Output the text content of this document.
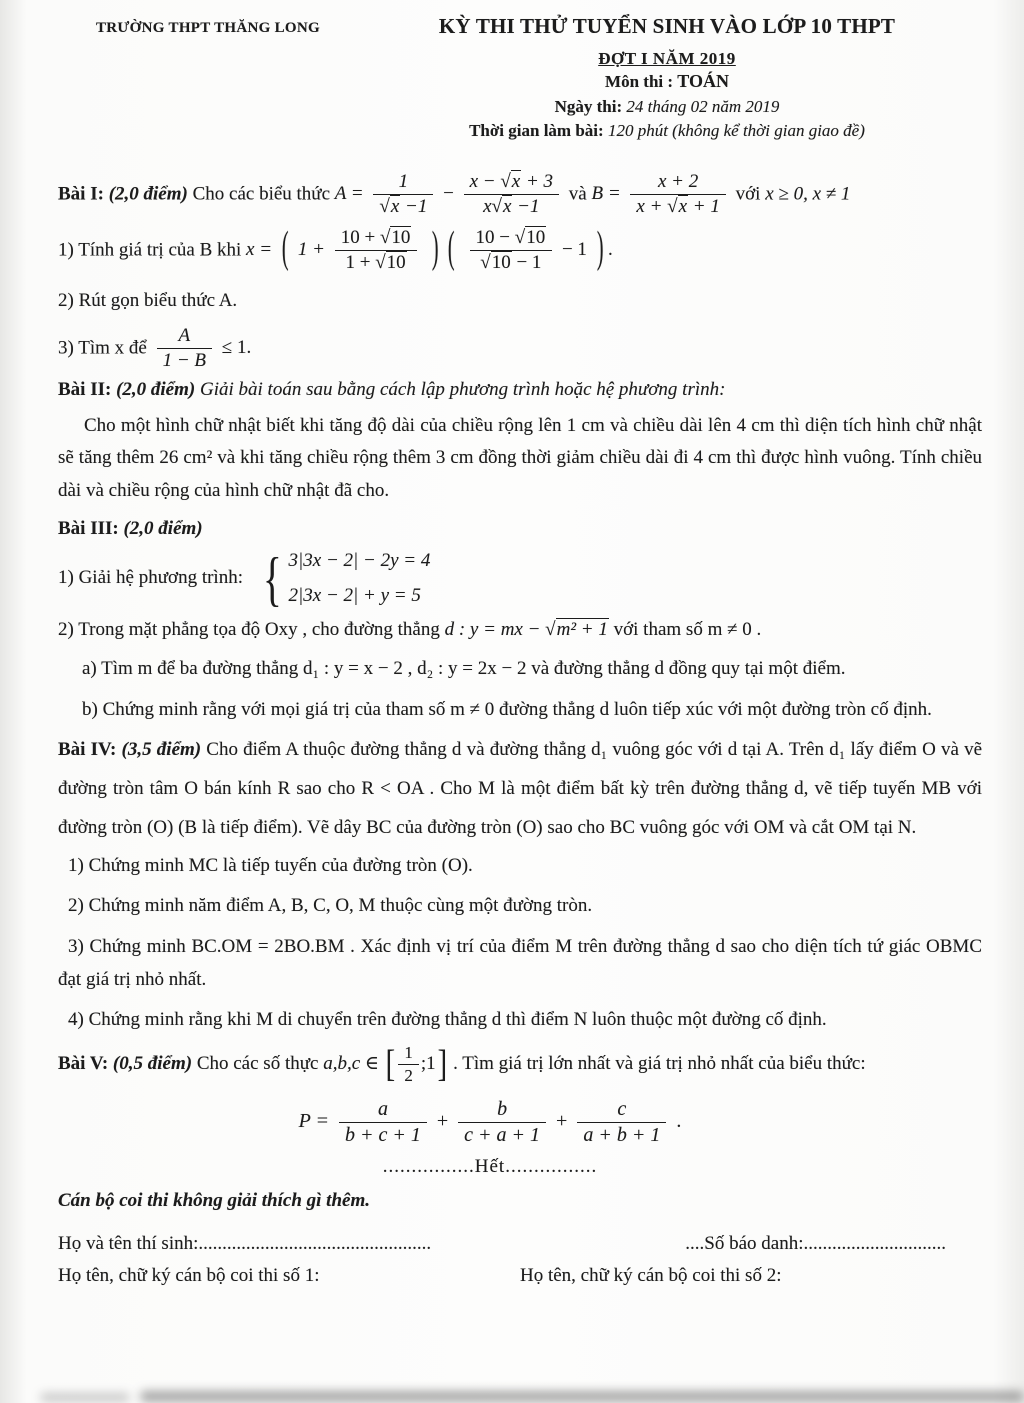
TRƯỜNG THPT THĂNG LONG	KỲ THI THỬ TUYỂN SINH VÀO LỚP 10 THPT
ĐỢT I NĂM 2019
Môn thi : TOÁN
Ngày thi: 24 tháng 02 năm 2019
Thời gian làm bài: 120 phút (không kể thời gian giao đề)

Bài I: (2,0 điểm) Cho các biểu thức $A = \frac{1}{√x -1} - \frac{x - √x + 3}{x√x -1}$ và $B = \frac{x + 2}{x + √x + 1}$ với x ≥ 0, x ≠ 1

1) Tính giá trị của B khi x = ( $1 + \frac{10 + √10}{1 + √10}$ ) ( $\frac{10 - √10}{√10 - 1} - 1$ ) .

2) Rút gọn biểu thức A.

3) Tìm x để $\frac{A}{1 - B} \le 1$.

Bài II: (2,0 điểm) Giải bài toán sau bằng cách lập phương trình hoặc hệ phương trình:

Cho một hình chữ nhật biết khi tăng độ dài của chiều rộng lên 1 cm và chiều dài lên 4 cm thì diện tích hình chữ nhật sẽ tăng thêm 26 cm² và khi tăng chiều rộng thêm 3 cm đồng thời giảm chiều dài đi 4 cm thì được hình vuông. Tính chiều dài và chiều rộng của hình chữ nhật đã cho.

Bài III: (2,0 điểm)

1) Giải hệ phương trình: { 3|3x − 2| − 2y = 4
2|3x − 2| + y = 5

2) Trong mặt phẳng tọa độ Oxy , cho đường thẳng d : y = mx − √m² + 1 với tham số m ≠ 0 .

a) Tìm m để ba đường thẳng d₁ : y = x − 2 , d₂ : y = 2x − 2 và đường thẳng d đồng quy tại một điểm.

b) Chứng minh rằng với mọi giá trị của tham số m ≠ 0 đường thẳng d luôn tiếp xúc với một đường tròn cố định.

Bài IV: (3,5 điểm) Cho điểm A thuộc đường thẳng d và đường thẳng d₁ vuông góc với d tại A. Trên d₁ lấy điểm O và vẽ đường tròn tâm O bán kính R sao cho R < OA . Cho M là một điểm bất kỳ trên đường thẳng d, vẽ tiếp tuyến MB với đường tròn (O) (B là tiếp điểm). Vẽ dây BC của đường tròn (O) sao cho BC vuông góc với OM và cắt OM tại N.

1) Chứng minh MC là tiếp tuyến của đường tròn (O).

2) Chứng minh năm điểm A, B, C, O, M thuộc cùng một đường tròn.

3) Chứng minh BC.OM = 2BO.BM . Xác định vị trí của điểm M trên đường thẳng d sao cho diện tích tứ giác OBMC đạt giá trị nhỏ nhất.

4) Chứng minh rằng khi M di chuyển trên đường thẳng d thì điểm N luôn thuộc một đường cố định.

Bài V: (0,5 điểm) Cho các số thực a,b,c ∈ [ $\frac{1}{2}$ ;1] . Tìm giá trị lớn nhất và giá trị nhỏ nhất của biểu thức:

$P = \frac{a}{b + c + 1} + \frac{b}{c + a + 1} + \frac{c}{a + b + 1}$ .

................Hết................

Cán bộ coi thi không giải thích gì thêm.

Họ và tên thí sinh:.................................................	....Số báo danh:..............................

Họ tên, chữ ký cán bộ coi thi số 1:	Họ tên, chữ ký cán bộ coi thi số 2:
